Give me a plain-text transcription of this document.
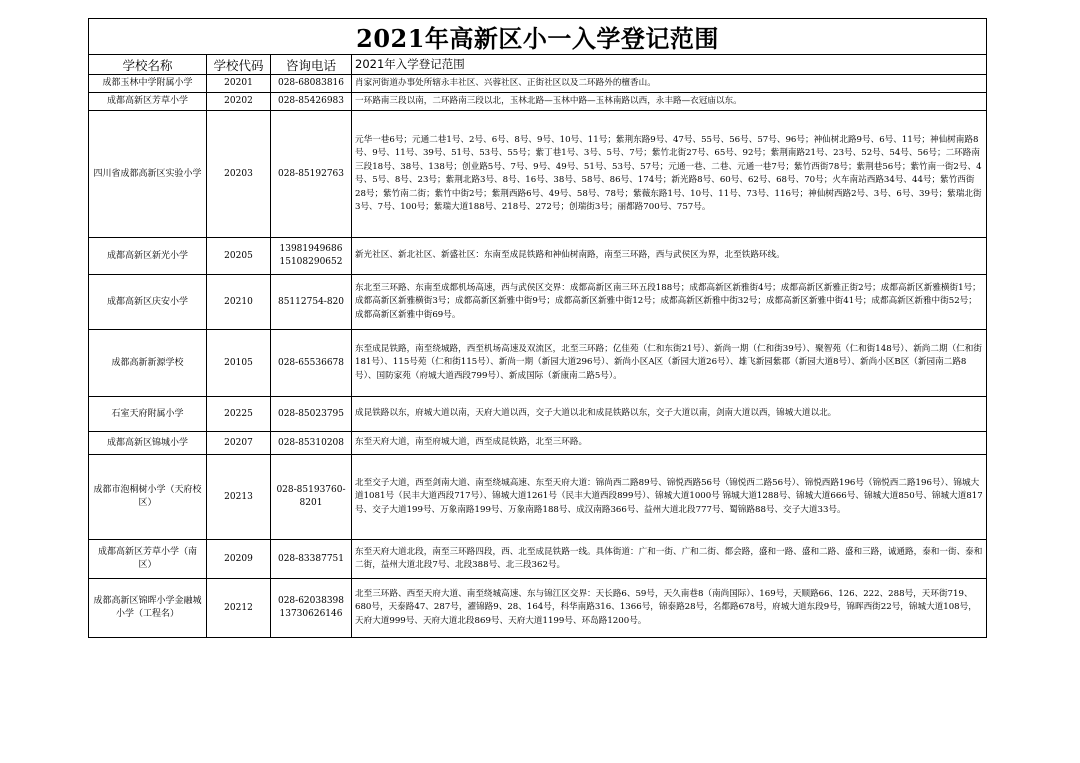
2021年高新区小一入学登记范围			
学校名称	学校代码	咨询电话	2021年入学登记范围
成都玉林中学附属小学	20201	028-68083816	肖家河街道办事处所辖永丰社区、兴蓉社区、正街社区以及二环路外的檀香山。
成都高新区芳草小学	20202	028-85426983	一环路南三段以南，二环路南三段以北，玉林北路—玉林中路—玉林南路以西，永丰路—衣冠庙以东。
四川省成都高新区实验小学	20203	028-85192763	元华一巷6号；元通二巷1号、2号、6号、8号、9号、10号、11号；紫荆东路9号、47号、55号、56号、57号、96号；神仙树北路9号、6号、11号；神仙树南路8号、9号、11号、39号、51号、53号、55号；紫丁巷1号、3号、5号、7号；紫竹北街27号、65号、92号；紫荆南路21号、23号、52号、54号、56号；二环路南三段18号、38号、138号；创业路5号、7号、9号、49号、51号、53号、57号；元通一巷、二巷、元通一巷7号；紫竹西街78号；紫荆巷56号；紫竹南一街2号、4号、5号、8号、23号；紫荆北路3号、8号、16号、38号、58号、86号、174号；新光路8号、60号、62号、68号、70号；火车南站西路34号、44号；紫竹西街28号；紫竹南二街；紫竹中街2号；紫荆西路6号、49号、58号、78号；紫薇东路1号、10号、11号、73号、116号；神仙树西路2号、3号、6号、39号；紫瑞北街3号、7号、100号；紫瑞大道188号、218号、272号；创瑞街3号；丽都路700号、757号。
成都高新区新光小学	20205	13981949686 15108290652	新光社区、新北社区、新盛社区：东南至成昆铁路和神仙树南路，南至三环路，西与武侯区为界，北至铁路环线。
成都高新区庆安小学	20210	85112754-820	东北至三环路、东南至成都机场高速，西与武侯区交界：成都高新区南三环五段188号；成都高新区新雅街4号；成都高新区新雅正街2号；成都高新区新雅横街1号；成都高新区新雅横街3号；成都高新区新雅中街9号；成都高新区新雅中街12号；成都高新区新雅中街32号；成都高新区新雅中街41号；成都高新区新雅中街52号；成都高新区新雅中街69号。
成都高新新源学校	20105	028-65536678	东至成昆铁路，南至绕城路，西至机场高速及双流区，北至三环路；亿佳苑（仁和东街21号）、新尚一期（仁和街39号）、聚智苑（仁和街148号）、新尚二期（仁和街181号）、115号苑（仁和街115号）、新尚一期（新园大道296号）、新尚小区A区（新园大道26号）、雄飞新园紫郡（新园大道8号）、新尚小区B区（新园南二路8号）、国防家苑（府城大道西段799号）、新成国际（新康南二路5号）。
石室天府附属小学	20225	028-85023795	成昆铁路以东，府城大道以南，天府大道以西，交子大道以北和成昆铁路以东，交子大道以南，剑南大道以西，锦城大道以北。
成都高新区锦城小学	20207	028-85310208	东至天府大道，南至府城大道，西至成昆铁路，北至三环路。
成都市泡桐树小学（天府校区）	20213	028-85193760-8201	北至交子大道，西至剑南大道、南至绕城高速、东至天府大道：锦尚西二路89号、锦悦西路56号（锦悦西二路56号）、锦悦西路196号（锦悦西二路196号）、锦城大道1081号（民丰大道西段717号）、锦城大道1261号（民丰大道西段899号）、锦城大道1000号 锦城大道1288号、锦城大道666号、锦城大道850号、锦城大道817号、交子大道199号、万象南路199号、万象南路188号、成汉南路366号、益州大道北段777号、蜀锦路88号、交子大道33号。
成都高新区芳草小学（南区）	20209	028-83387751	东至天府大道北段，南至三环路四段，西、北至成昆铁路一线。具体街道：广和一街、广和二街、都会路，盛和一路、盛和二路、盛和三路，诚通路，泰和一街、泰和二街，益州大道北段7号、北段388号、北三段362号。
成都高新区锦晖小学金融城小学（工程名）	20212	028-62038398 13730626146	北至三环路、西至天府大道、南至绕城高速、东与锦江区交界：天长路6、59号，天久南巷8（南尚国际）、169号，天顺路66、126、222、288号，天环街719、680号，天泰路47、287号，濯锦路9、28、164号，科华南路316、1366号，锦泰路28号，名都路678号，府城大道东段9号，锦晖西街22号，锦城大道108号，天府大道999号、天府大道北段869号、天府大道1199号、环岛路1200号。
